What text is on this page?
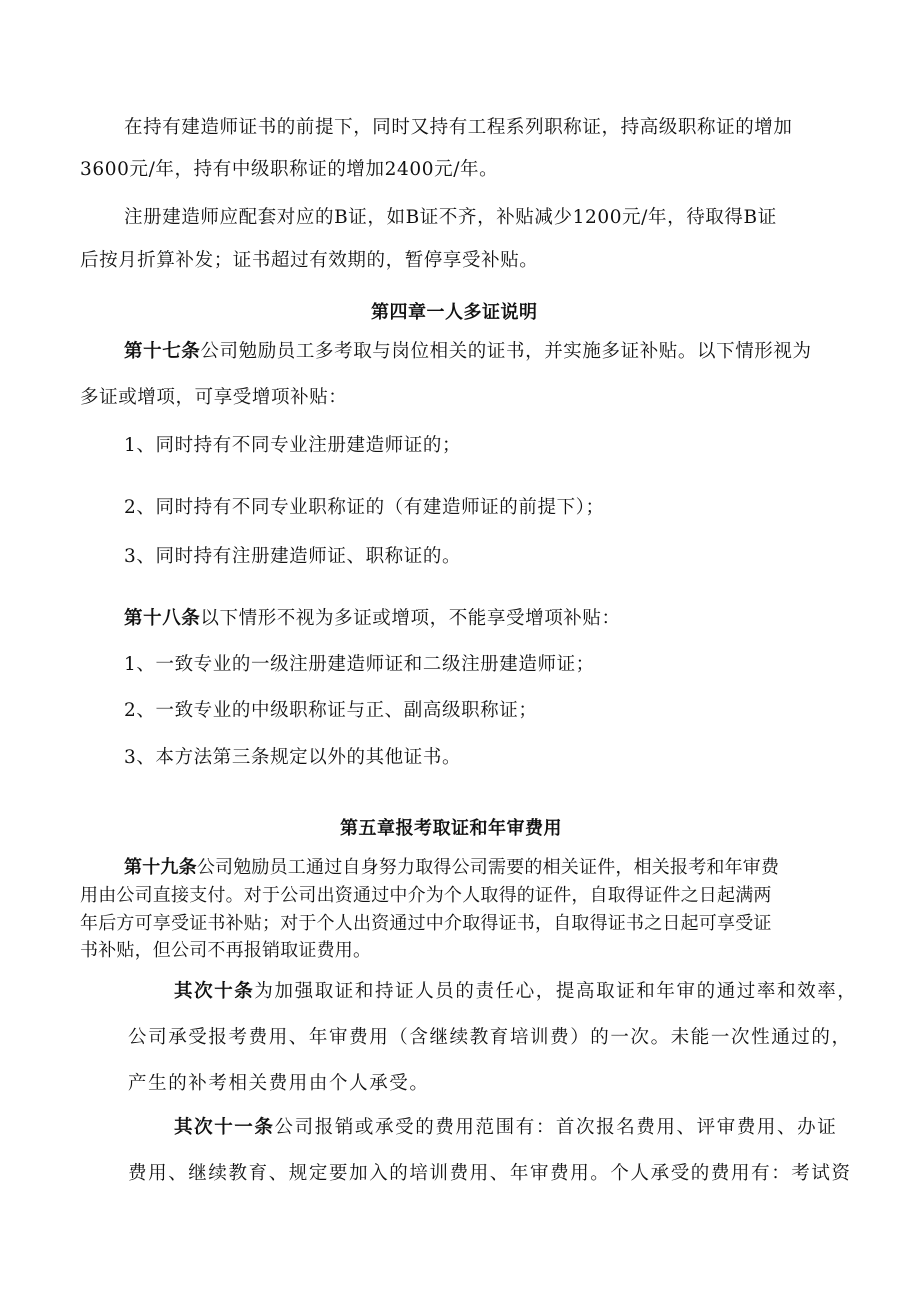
在持有建造师证书的前提下，同时又持有工程系列职称证，持高级职称证的增加
3600元/年，持有中级职称证的增加2400元/年。
注册建造师应配套对应的B证，如B证不齐，补贴减少1200元/年，待取得B证
后按月折算补发；证书超过有效期的，暂停享受补贴。
第四章一人多证说明
第十七条公司勉励员工多考取与岗位相关的证书，并实施多证补贴。以下情形视为
多证或增项，可享受增项补贴：
1、同时持有不同专业注册建造师证的；
2、同时持有不同专业职称证的（有建造师证的前提下）；
3、同时持有注册建造师证、职称证的。
第十八条以下情形不视为多证或增项，不能享受增项补贴：
1、一致专业的一级注册建造师证和二级注册建造师证；
2、一致专业的中级职称证与正、副高级职称证；
3、本方法第三条规定以外的其他证书。
第五章报考取证和年审费用
第十九条公司勉励员工通过自身努力取得公司需要的相关证件，相关报考和年审费
用由公司直接支付。对于公司出资通过中介为个人取得的证件，自取得证件之日起满两
年后方可享受证书补贴；对于个人出资通过中介取得证书，自取得证书之日起可享受证
书补贴，但公司不再报销取证费用。
其次十条为加强取证和持证人员的责任心，提高取证和年审的通过率和效率，
公司承受报考费用、年审费用（含继续教育培训费）的一次。未能一次性通过的，
产生的补考相关费用由个人承受。
其次十一条公司报销或承受的费用范围有：首次报名费用、评审费用、办证
费用、继续教育、规定要加入的培训费用、年审费用。个人承受的费用有：考试资
